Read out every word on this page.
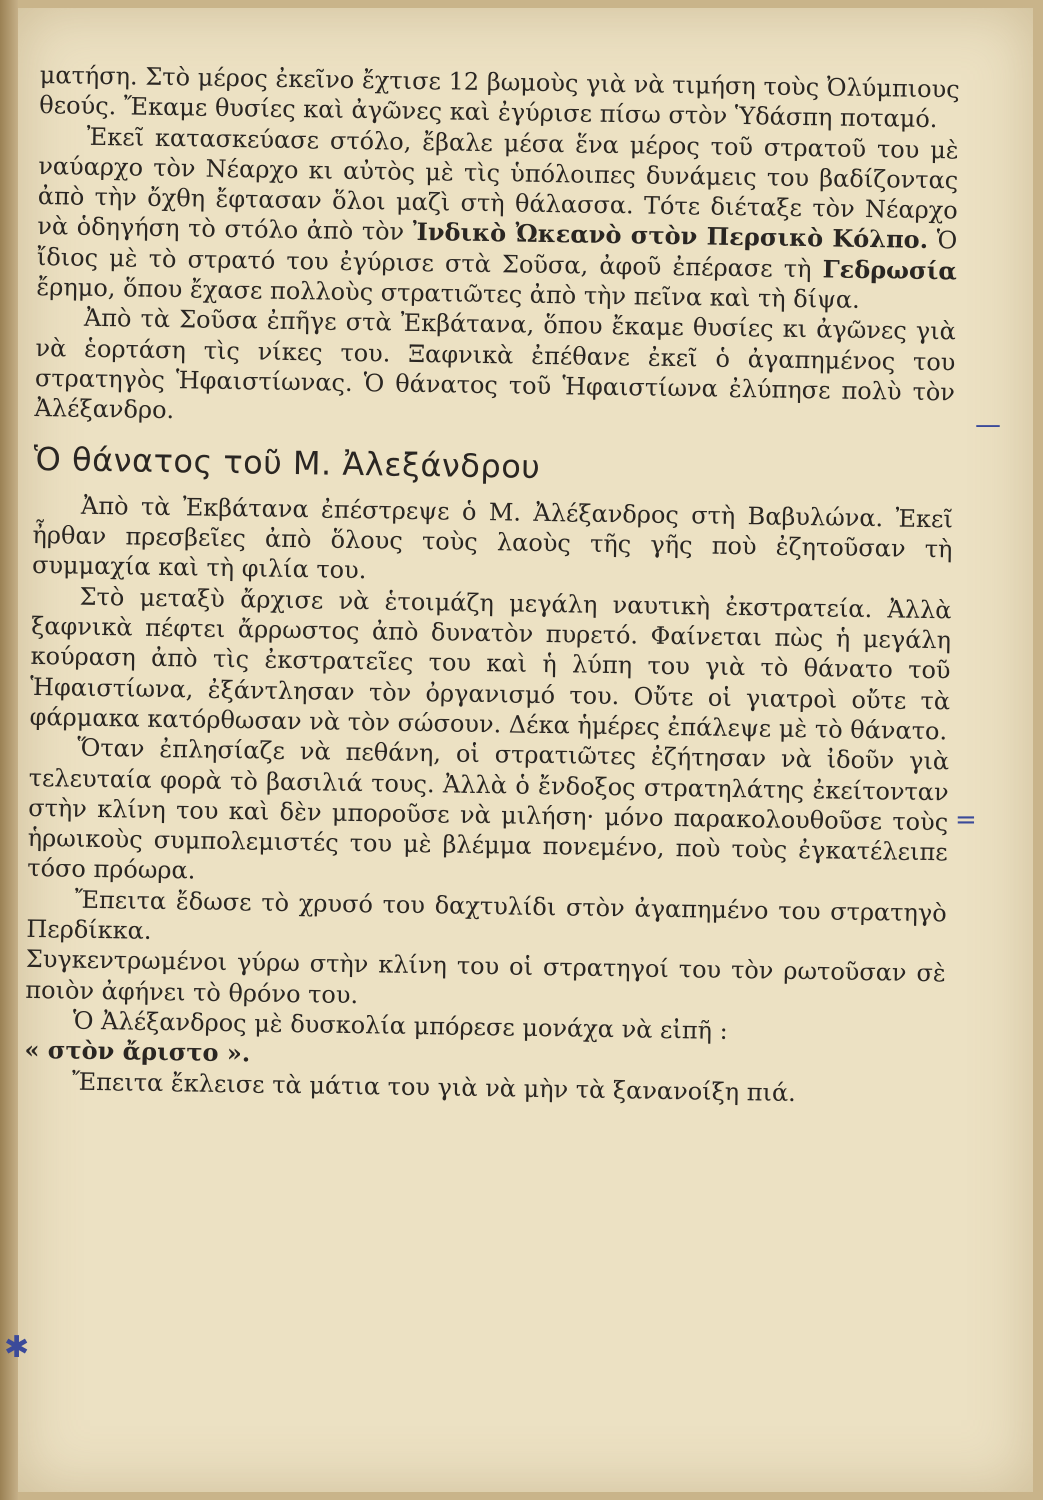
ματήση. Στὸ μέρος ἐκεῖνο ἔχτισε 12 βωμοὺς γιὰ νὰ τιμήση τοὺς Ὀλύμπιους θεούς. Ἔκαμε θυσίες καὶ ἀγῶνες καὶ ἐγύρισε πίσω στὸν Ὑδάσπη ποταμό.

Ἐκεῖ κατασκεύασε στόλο, ἔβαλε μέσα ἕνα μέρος τοῦ στρατοῦ του μὲ ναύαρχο τὸν Νέαρχο κι αὐτὸς μὲ τὶς ὑπόλοιπες δυνάμεις του βαδίζοντας ἀπὸ τὴν ὄχθη ἔφτασαν ὅλοι μαζὶ στὴ θάλασσα. Τότε διέταξε τὸν Νέαρχο νὰ ὁδηγήση τὸ στόλο ἀπὸ τὸν Ἰνδικὸ Ὠκεανὸ στὸν Περσικὸ Κόλπο. Ὁ ἴδιος μὲ τὸ στρατό του ἐγύρισε στὰ Σοῦσα, ἀφοῦ ἐπέρασε τὴ Γεδρωσία ἔρημο, ὅπου ἔχασε πολλοὺς στρατιῶτες ἀπὸ τὴν πεῖνα καὶ τὴ δίψα.

Ἀπὸ τὰ Σοῦσα ἐπῆγε στὰ Ἐκβάτανα, ὅπου ἔκαμε θυσίες κι ἀγῶνες γιὰ νὰ ἑορτάση τὶς νίκες του. Ξαφνικὰ ἐπέθανε ἐκεῖ ὁ ἀγαπημένος του στρατηγὸς Ἡφαιστίωνας. Ὁ θάνατος τοῦ Ἡφαιστίωνα ἐλύπησε πολὺ τὸν Ἀλέξανδρο.

Ὁ θάνατος τοῦ Μ. Ἀλεξάνδρου

Ἀπὸ τὰ Ἐκβάτανα ἐπέστρεψε ὁ Μ. Ἀλέξανδρος στὴ Βαβυλώνα. Ἐκεῖ ἦρθαν πρεσβεῖες ἀπὸ ὅλους τοὺς λαοὺς τῆς γῆς ποὺ ἐζητοῦσαν τὴ συμμαχία καὶ τὴ φιλία του.

Στὸ μεταξὺ ἄρχισε νὰ ἑτοιμάζη μεγάλη ναυτικὴ ἐκστρατεία. Ἀλλὰ ξαφνικὰ πέφτει ἄρρωστος ἀπὸ δυνατὸν πυρετό. Φαίνεται πὼς ἡ μεγάλη κούραση ἀπὸ τὶς ἐκστρατεῖες του καὶ ἡ λύπη του γιὰ τὸ θάνατο τοῦ Ἡφαιστίωνα, ἐξάντλησαν τὸν ὀργανισμό του. Οὔτε οἱ γιατροὶ οὔτε τὰ φάρμακα κατόρθωσαν νὰ τὸν σώσουν. Δέκα ἡμέρες ἐπάλεψε μὲ τὸ θάνατο.

Ὅταν ἐπλησίαζε νὰ πεθάνη, οἱ στρατιῶτες ἐζήτησαν νὰ ἰδοῦν γιὰ τελευταία φορὰ τὸ βασιλιά τους. Ἀλλὰ ὁ ἔνδοξος στρατηλάτης ἐκείτονταν στὴν κλίνη του καὶ δὲν μποροῦσε νὰ μιλήση· μόνο παρακολουθοῦσε τοὺς ἡρωικοὺς συμπολεμιστές του μὲ βλέμμα πονεμένο, ποὺ τοὺς ἐγκατέλειπε τόσο πρόωρα.

Ἔπειτα ἔδωσε τὸ χρυσό του δαχτυλίδι στὸν ἀγαπημένο του στρατηγὸ Περδίκκα.

Συγκεντρωμένοι γύρω στὴν κλίνη του οἱ στρατηγοί του τὸν ρωτοῦσαν σὲ ποιὸν ἀφήνει τὸ θρόνο του.

Ὁ Ἀλέξανδρος μὲ δυσκολία μπόρεσε μονάχα νὰ εἰπῆ :

« στὸν ἄριστο ».

Ἔπειτα ἔκλεισε τὰ μάτια του γιὰ νὰ μὴν τὰ ξανανοίξη πιά.

—
=
✱
